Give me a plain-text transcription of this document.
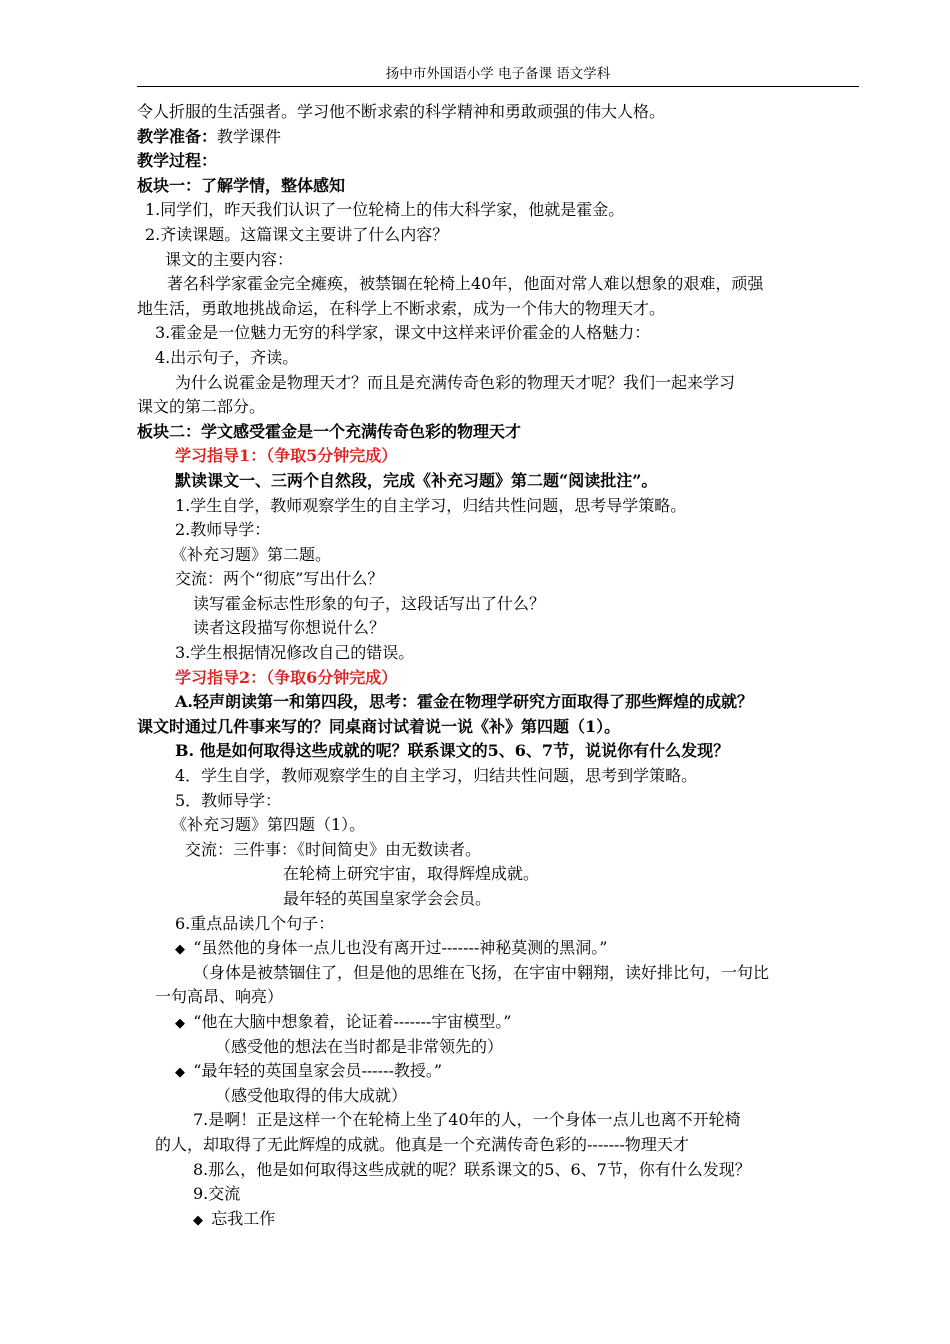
扬中市外国语小学 电子备课 语文学科
令人折服的生活强者。学习他不断求索的科学精神和勇敢顽强的伟大人格。
教学准备：教学课件
教学过程：
板块一：了解学情，整体感知
1.同学们，昨天我们认识了一位轮椅上的伟大科学家，他就是霍金。
2.齐读课题。这篇课文主要讲了什么内容？
课文的主要内容：
著名科学家霍金完全瘫痪，被禁锢在轮椅上40年，他面对常人难以想象的艰难，顽强
地生活，勇敢地挑战命运，在科学上不断求索，成为一个伟大的物理天才。
3.霍金是一位魅力无穷的科学家，课文中这样来评价霍金的人格魅力：
4.出示句子，齐读。
为什么说霍金是物理天才？而且是充满传奇色彩的物理天才呢？我们一起来学习
课文的第二部分。
板块二：学文感受霍金是一个充满传奇色彩的物理天才
学习指导1：（争取5分钟完成）
默读课文一、三两个自然段，完成《补充习题》第二题“阅读批注”。
1.学生自学，教师观察学生的自主学习，归结共性问题，思考导学策略。
2.教师导学：
《补充习题》第二题。
交流：两个“彻底”写出什么？
读写霍金标志性形象的句子，这段话写出了什么？
读者这段描写你想说什么？
3.学生根据情况修改自己的错误。
学习指导2：（争取6分钟完成）
A.轻声朗读第一和第四段，思考：霍金在物理学研究方面取得了那些辉煌的成就？
课文时通过几件事来写的？同桌商讨试着说一说《补》第四题（1）。
B. 他是如何取得这些成就的呢？联系课文的5、6、7节，说说你有什么发现？
4．学生自学，教师观察学生的自主学习，归结共性问题，思考到学策略。
5．教师导学：
《补充习题》第四题（1）。
交流：三件事：《时间简史》由无数读者。
在轮椅上研究宇宙，取得辉煌成就。
最年轻的英国皇家学会会员。
6.重点品读几个句子：
◆  “虽然他的身体一点儿也没有离开过-------神秘莫测的黑洞。”
（身体是被禁锢住了，但是他的思维在飞扬，在宇宙中翱翔，读好排比句，一句比
一句高昂、响亮）
◆  “他在大脑中想象着，论证着-------宇宙模型。”
（感受他的想法在当时都是非常领先的）
◆  “最年轻的英国皇家会员------教授。”
（感受他取得的伟大成就）
7.是啊！正是这样一个在轮椅上坐了40年的人，一个身体一点儿也离不开轮椅
的人，却取得了无此辉煌的成就。他真是一个充满传奇色彩的-------物理天才
8.那么，他是如何取得这些成就的呢？联系课文的5、6、7节，你有什么发现？
9.交流
◆  忘我工作
